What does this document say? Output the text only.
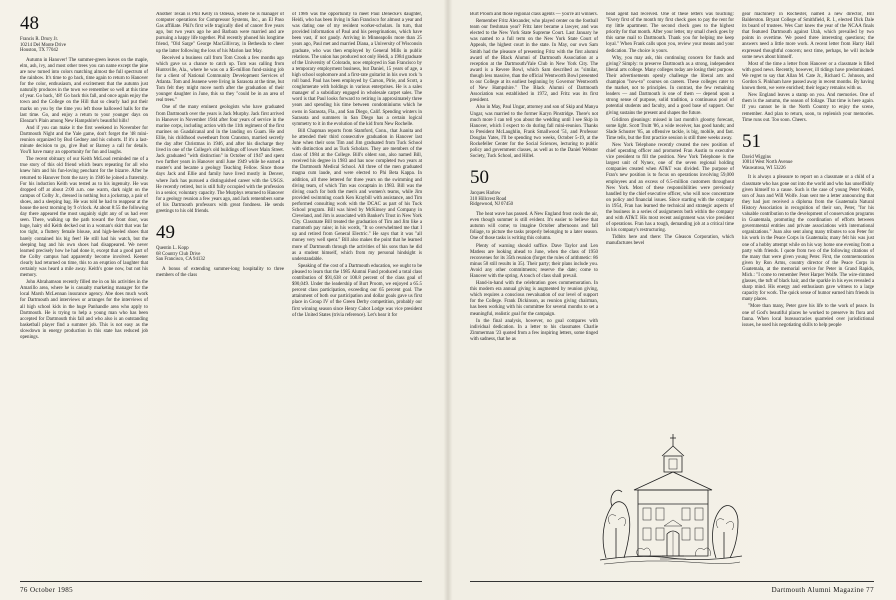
48
Francis R. Drury Jr.
10214 Del Monte Drive
Houston, TX 77042

Autumn in Hanover! The summer-green leaves on the maple, elm, ash, ivy, and most other trees you can name except the pine are now turned into colors matching almost the full spectrum of the rainbow. It's time to go back, time again to return to Hanover for the color, enthusiasm, and excitement that the autumn just naturally produces in the town we remember so well at this time of year. Go back, '48! Go back this fall, and once again enjoy the town and the College on the Hill that so clearly had put their marks on you by the time you left those hallowed halls for the last time. Go, and enjoy a return to your younger days on Eleazar's Plain among New Hampshire's beautiful hills!

And if you can make it the first weekend in November for Dartmouth Night and the Yale game, don't forget the '48 mini-reunion organized by Bud Gedney and his cohorts. If it's a last-minute decision to go, give Bud or Barney a call for details. You'll have many an opportunity for fun and laughs.

The recent obituary of our Keith McLoud reminded me of a true story of this old friend which bears repeating for all who knew him and his fun-loving penchant for the bizarre. After he returned to Hanover from the navy in 1946 he joined a fraternity. For his induction Keith was tested as to his ingenuity. He was dropped off at about 2:00 a.m. one warm, dark night on the campus of Colby Jr., dressed in nothing but a jockstrap, a pair of shoes, and a sleeping bag. He was told he had to reappear at the house the next morning by 9 o'clock. At about 8:55 the following day there appeared the most ungainly sight any of us had ever seen. There, walking up the path toward the front door, was huge, hairy old Keith decked out in a woman's skirt that was far too tight, a fluttery female blouse, and high-heeled shoes that barely contained his big feet! He still had his watch, but the sleeping bag and his own shoes had disappeared. We never learned precisely how he had done it, except that a good part of the Colby campus had apparently become involved. Keener clearly had returned on time, this to an eruption of laughter that certainly was heard a mile away. Keith's gone now, but not his memory.

John Abrahamson recently filled me in on his activities in the Amarillo area, where he is casualty marketing manager for the local Marsh McLennan insurance agency. Abe does much work for Dartmouth and interviews or arranges for the interviews of all high school kids in the huge Panhandle area who apply to Dartmouth. He is trying to help a young man who has been accepted for Dartmouth this fall and who also is an outstanding basketball player find a summer job. This is not easy as the slowdown in energy production in this state has reduced job openings.

Another Texan is Phil Kelly in Odessa, where he is manager of computer operations for Compressor Systems, Inc., an El Paso Gas affiliate. Phil's first wife tragically died of cancer five years ago, but two years ago he and Barbara were married and are pursuing a happy life together. Phil recently phoned his longtime friend, "Old Sarge" George MacGillivray, in Bethesda to cheer up the latter following the loss of his Marion last May.

Received a business call from Tom Crook a few months ago which gave us a chance to catch up. Tom was calling from Huntsville, Ala., where he was on a $5-million fund-raising job for a client of National Community Development Services of Atlanta. Tom and Jeanene were living in Sarasota at the time, but Tom felt they might move north after the graduation of their younger daughter in June, this so they "could be in an area of real trees."

One of the many eminent geologists who have graduated from Dartmouth over the years is Jack Murphy. Jack first arrived in Hanover in November 1944 after four years of service in the marine corps, including action with the 11th regiment of the first marines on Guadalcanal and in the landing on Guam. He and Ellie, his childhood sweetheart from Cranston, married secretly the day after Christmas in 1946, and after his discharge they lived in one of the College's old buildings off lower Main Street. Jack graduated "with distinction" in October of 1947 and spent two further years in Hanover until June 1949 while he earned a master's and became a geology Teaching Fellow. Since those days Jack and Ellie and family have lived mostly in Denver, where Jack has pursued a distinguished career with the USGS. He recently retired, but is still fully occupied with the profession in a senior, voluntary capacity. The Murphys returned to Hanover for a geology reunion a few years ago, and Jack remembers some of his Dartmouth professors with great fondness. He sends greetings to his old friends.

49
Quentin L. Kopp
68 Country Club Drive
San Francisco, CA 94132

A bonus of extending summer-long hospitality to three members of the class

of 1986 was the opportunity to meet Paul Denecke's daughter, Heidi, who has been living in San Francisco for almost a year and was dating one of my resident worker-scholars. In turn, that provided information of Paul and his peregrinations, which have been vast, if not gaudy. Arriving in Minneapolis more than 25 years ago, Paul met and married Diana, a University of Wisconsin graduate, who was then employed by General Mills in public relations. The union has produced not only Heidi, a 1984 graduate of the University of Colorado, now employed in San Francisco by a temporary employment business, but Daniel, 15 years of age, a high school sophomore and a first-rate guitarist in his own rock 'n roll band. Paul has been employed by Carson, Pirie, and Scott, a conglomerate with holdings in various enterprises. He is a sales manager of a subsidiary engaged in wholesale carpet sales. The word is that Paul looks forward to retiring in approximately three years and spending his time between condominiums which he owns in Sarasota, Fla., and San Diego, Calif. Spending winters in Sarasota and summers in San Diego has a certain logical symmetry to it in the evolution of the kid from New Rochelle.

Bill Chapman reports from Stamford, Conn., that Juanita and he attended their third consecutive graduation in Hanover last June when their sons Tim and Jim graduated from Tuck School with distinction and as Tuck Scholars. They are members of the class of 1984 at the College. Bill's oldest son, also named Bill, received his degree in 1983 and has now completed two years at the Dartmouth Medical School. All three of the men graduated magna cum laude, and were elected to Phi Beta Kappa. In addition, all three lettered for three years on the swimming and diving team, of which Tim was cocaptain in 1983. Bill was the diving coach for both the men's and women's teams, while Jim provided swimming coach Ken Kraybill with assistance, and Tim performed consulting work with the DCAC as part of his Tuck School program. Bill was hired by McKinsey and Company in Cleveland, and Jim is associated with Banker's Trust in New York City. Classmate Bill treated the graduation of Tim and Jim like a mammoth pay raise; in his words, "It so overwhelmed me that I up and retired from General Electric." He says that it was "all money very well spent." Bill also makes the point that he learned more of Dartmouth through the activities of his sons than he did as a student himself, which from my personal hindsight is understandable.

Speaking of the cost of a Dartmouth education, we ought to be pleased to learn that the 1985 Alumni Fund produced a total class contribution of $91,638 or 108.8 percent of the class goal of $90,049. Under the leadership of Burt Proom, we enjoyed a 65.5 percent class participation, exceeding our 65 percent goal. The attainment of both our participation and dollar goals gave us first place in Group IV of the Green Derby competition, probably our first winning season since Henry Cabot Lodge was vice president of the United States (trivia reference). Let's hear it for

76 October 1985

Burt Proom and those regional class agents — you're all winners.

Remember Fritz Alexander, who played center on the football team our freshman year? Fritz later became a lawyer, and was elected to the New York State Supreme Court. Last January he was named to a full term on the New York State Court of Appeals, the highest court in the state. In May, our own Sam Smith had the pleasure of presenting Fritz with the first alumni award of the Black Alumni of Dartmouth Association at a reception at the Dartmouth/Yale Club in New York City. The award is a Revere Bowl, which Sam described as "similar, though less massive, than the official Wentworth Bowl presented to our College at its earliest beginning by Governor Wentworth of New Hampshire." The Black Alumni of Dartmouth Association was established in 1972, and Fritz was its first president.

Also in May, Paul Ungar, attorney and son of Skip and Manya Ungar, was married to the former Karyn Pinstridge. There's not much more I can tell you about the wedding until I see Skip in Hanover, which I expect to do during fall mini-reunion. Thanks to President McLaughlin, Frank Smallwood '51, and Professor Douglas Yates, I'll be spending two weeks, October 5-19, at the Rockefeller Center for the Social Sciences, lecturing to public policy and government classes, as well as to the Daniel Webster Society, Tuck School, and Hillel.

50
Jacques Harlow
310 Hillcrest Road
Ridgewood, NJ 07450

The heat wave has passed. A New England frost cools the air, even though summer is still evident. It's easier to believe that autumn will come; to imagine October afternoons and fall foliage, to picture the tasks properly belonging to a later season. One of those tasks is writing this column.

Plenty of warning should suffice. Dave Taylor and Len Matless are looking ahead to June, when the class of 1950 reconvenes for its 35th reunion (forget the rules of arithmetic: 86 minus 50 still results in 35). Their party; their plans include you. Avoid any other commitments; reserve the date; come to Hanover with the spring. A touch of class shall prevail.

Hand-in-hand with the celebration goes commemoration. In this modern era annual giving is augmented by reunion giving, which requires a conscious reevaluation of our level of support for the College. Frank Dickinson, as reunion giving chairman, has been working with his committee for several months to set a meaningful, realistic goal for the campaign.

In the final analysis, however, no goal compares with individual dedication. In a letter to his classmates Charlie Zimmerman '23 quoted from a few inspiring letters, some tinged with sadness, that he as

head agent had received. One of these letters was touching: "Every first of the month my first check goes to pay the rent for my little apartment. The second check goes to the highest priority for that month. After your letter, my small check goes by this same mail to Dartmouth. Thank you for helping me keep loyal." When Frank calls upon you, review your means and your dedication. The choice is yours.

Why, you may ask, this continuing concern for funds and giving? Simply: to preserve Dartmouth as a strong, independent liberal arts college. Many colleges today are losing their purpose. Their advertisements openly challenge the liberal arts and champion "how-to" courses on careers. These colleges cater to the market, not to principles. In contrast, the few remaining leaders — and Dartmouth is one of them — depend upon a strong sense of purpose, solid tradition, a continuous pool of potential students and faculty, and a good base of support. Our giving sustains the present and shapes the future.

Gridiron gleanings: missed in last month's gloomy forecast, some light. Scott Truitt '86, a wide receiver, has good hands; and Slade Schuster '85, an offensive tackle, is big, mobile, and fast. Time tells, but the first practice session is still three weeks away.

New York Telephone recently created the new position of chief operating officer and promoted Fran Austin to executive vice president to fill the position. New York Telephone is the largest unit of Nynex, one of the seven regional holding companies created when AT&T was divided. The purpose of Fran's new position is to focus on operations involving 59,000 employees and an excess of 6.5-million customers throughout New York. Most of these responsibilities were previously handled by the chief executive officer, who will now concentrate on policy and financial issues. Since starting with the company in 1954, Fran has learned the technical and strategic aspects of the business in a series of assignments both within the company and with AT&T. His most recent assignment was vice president of operations. Fran has a tough, demanding job at a critical time in his company's restructuring.

Tidbits here and there: The Gleason Corporation, which manufactures bevel

gear machinery in Rochester, named a new director, Bill Balderston. Bryant College of Smithfield, R. I., elected Dick Dale its board of trustees. Wes Carr knew the year of the NCAA finals that featured Dartmouth against Utah, which prevailed by two points in overtime. We posed three interesting questions; the answers need a little more work. A recent letter from Harry Hall expressed thoughtful concern; next time, perhaps, he will include some news about himself.

Most of the time a letter from Hanover or a classmate is filled with good news. Recently, however, ill tidings have predominated. We regret to say that Allan M. Cate Jr., Richard C. Johnson, and Gordon S. Pinkham have passed away in recent months. By having known them, we were enriched; their legacy remains with us.

New England leaves a stamp on you. And memories. One of them is the autumn, the season of foliage. That time is here again. If you cannot be in the North Country to enjoy the scene, remember. And plan to return, soon, to replenish your memories. Time runs out. Too soon. Cheers.

51
David Wiggins
10014 West North Avenue
Wauwatosa, WI 53226

It is always a pleasure to report on a classmate or a child of a classmate who has gone out into the world and who has unselfishly given himself to a cause. Such is the case of young Peter Wolfe, son of Joan and Will Wolfe. Joan sent me a letter announcing that they had just received a diploma from the Guatemala Natural History Association in recognition of their son, Peter, "for his valuable contribution to the development of conservation programs in Guatemala, promoting the coordination of efforts between governmental entities and private associations with international organizations." Joan also sent along many tributes to son Peter for his work in the Peace Corps in Guatemala; many felt his was just one of a hobby attempt while on his way home one evening from a party with friends. I quote from two of the following citations of the many that were given young Peter. First, the commemoration given by Ron Arms, country director of the Peace Corps in Guatemala, at the memorial service for Peter in Grand Rapids, Mich.: "I come to remember Peter Harper Wolfe. The wire-rimmed glasses, the tuft of black hair, and the sparkle in his eyes revealed a sharp mind. His energy and enthusiasm gave witness to a large capacity for work. The quick sense of humor earned him friends in many places.

"More than many, Peter gave his life to the work of peace. In one of God's beautiful places he worked to preserve its flora and fauna. When local bureaucracies quarreled over jurisdictional issues, he used his negotiating skills to help people

Dartmouth Alumni Magazine 77
